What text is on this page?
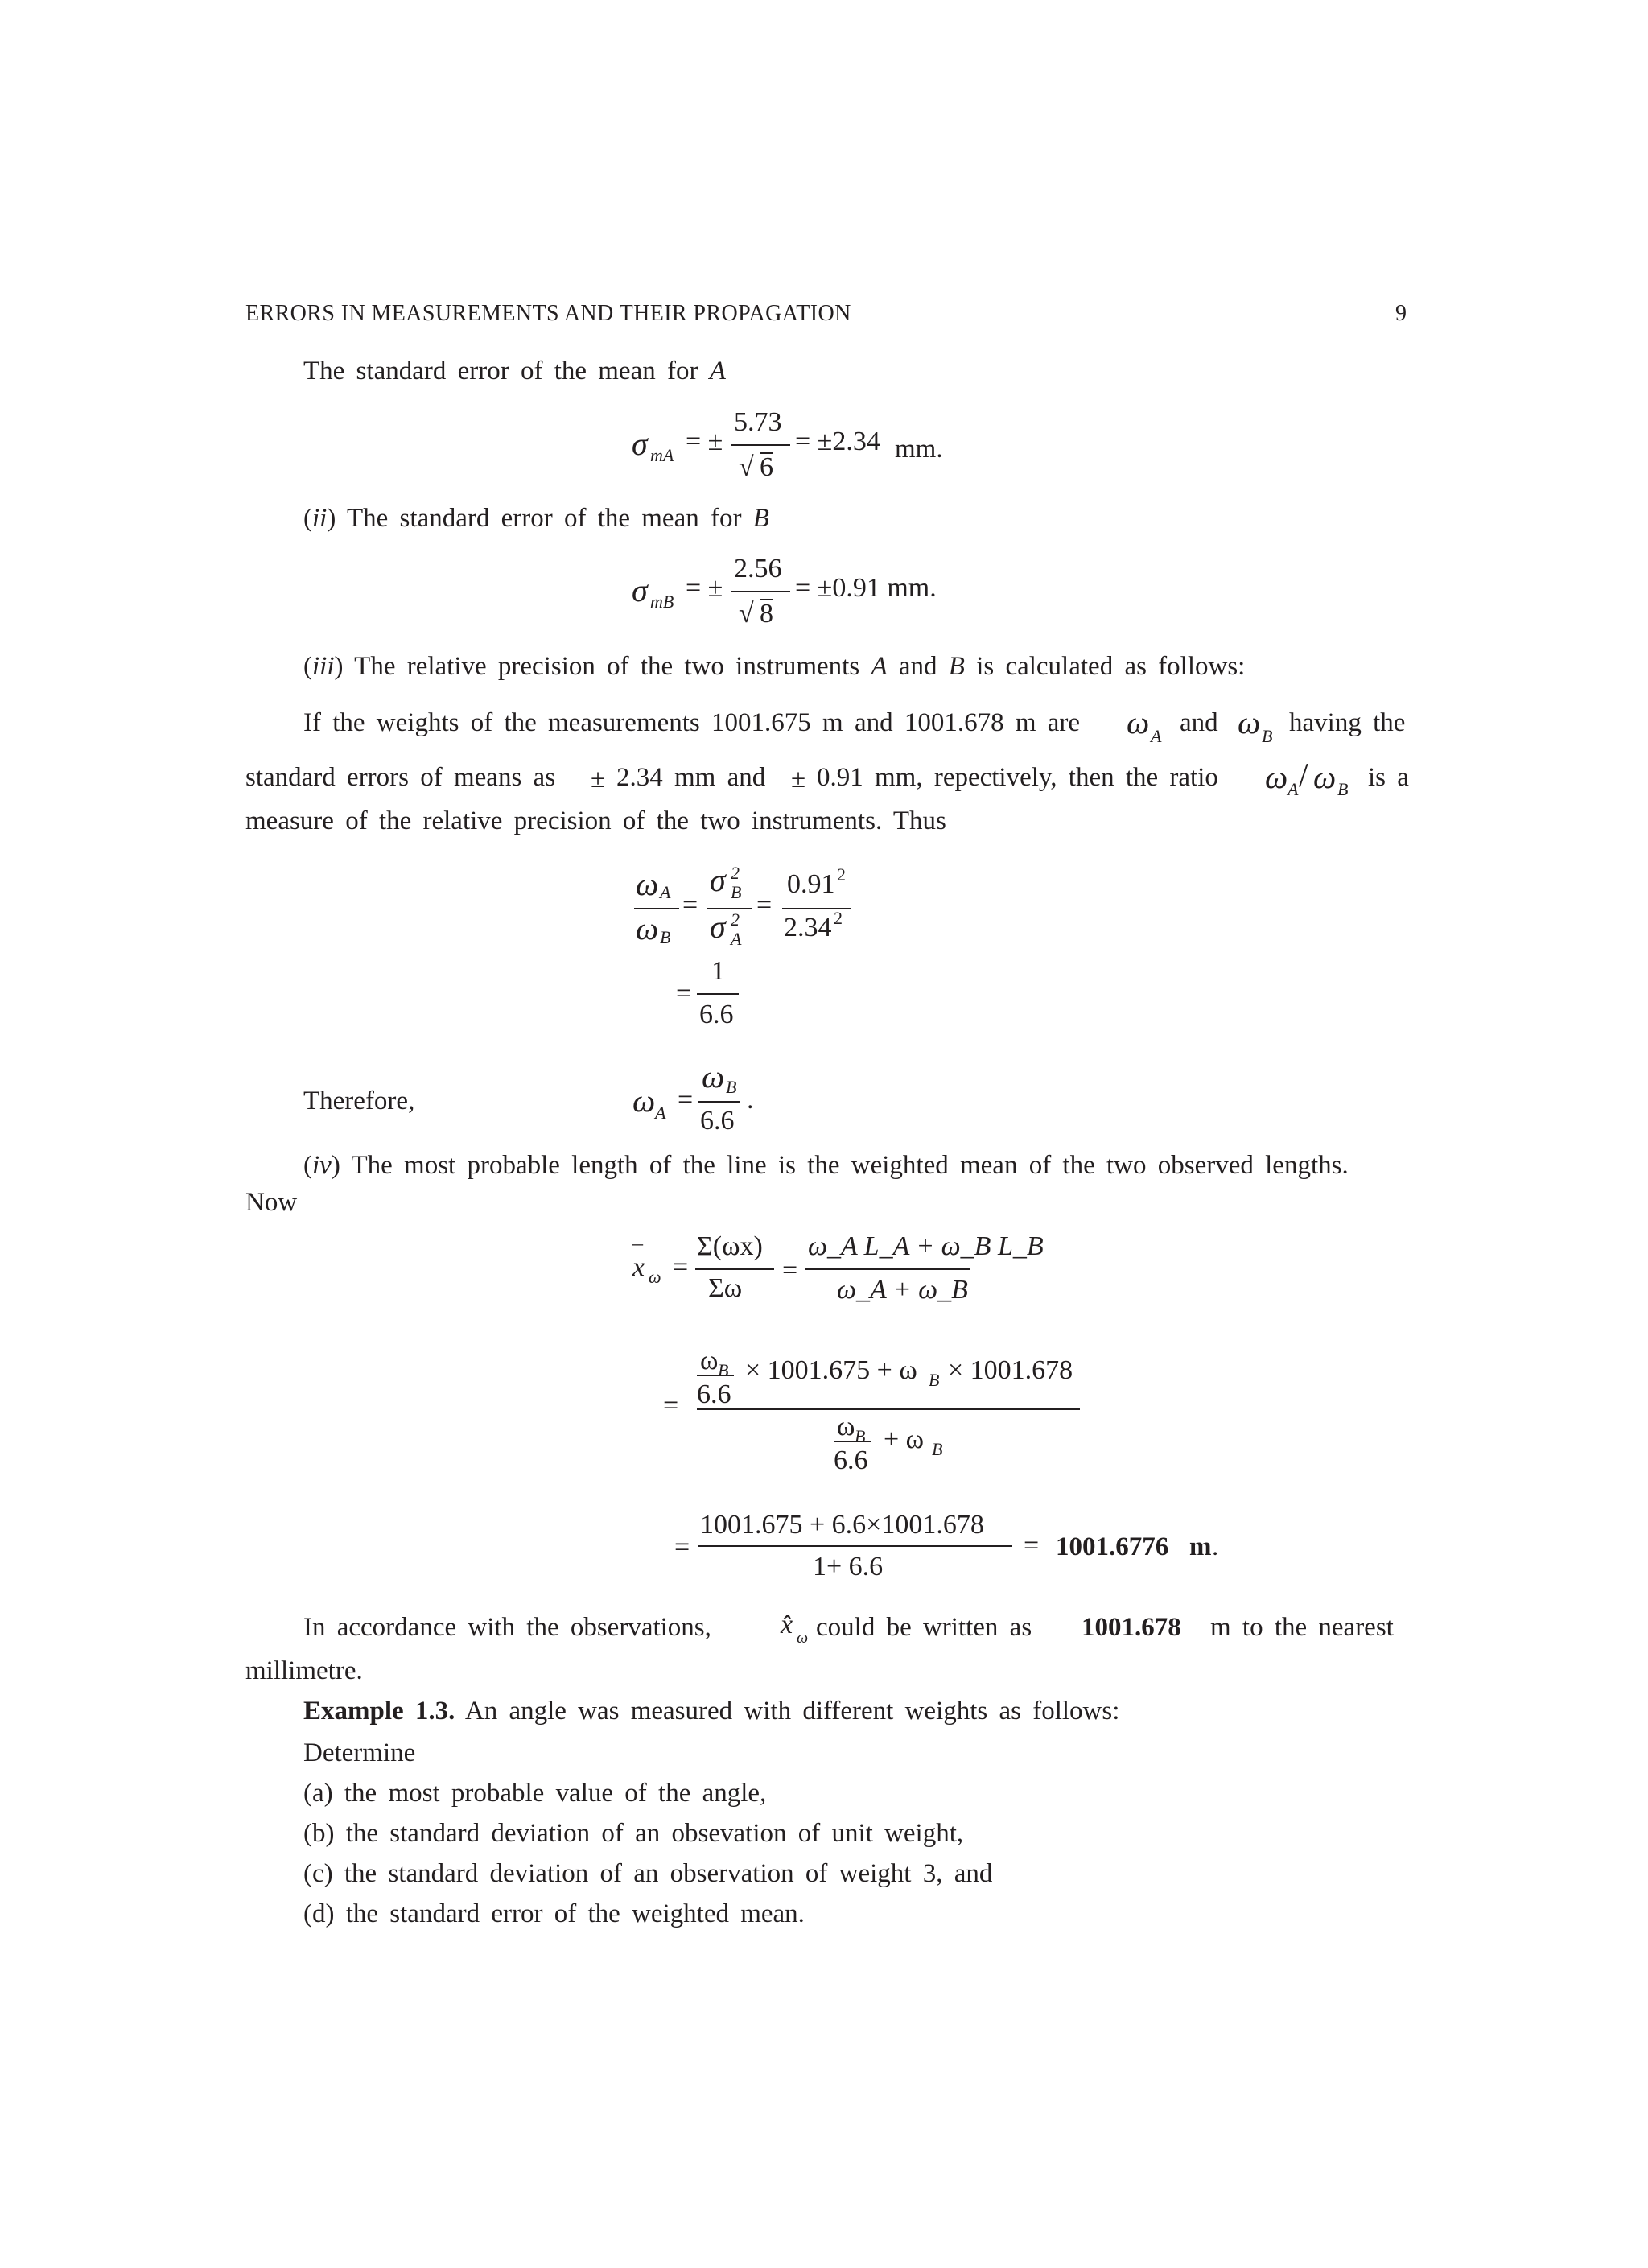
ERRORS IN MEASUREMENTS AND THEIR PROPAGATION	9
The standard error of the mean for A
σ mA = ±
5.73
√ 6
= ±2.34 mm.
(ii) The standard error of the mean for B
σ mB = ±
2.56
√ 8
= ±0.91 mm.
(iii) The relative precision of the two instruments A and B is calculated as follows:
If the weights of the measurements 1001.675 m and 1001.678 m are ω A and ω B having the
standard errors of means as ± 2.34 mm and ± 0.91 mm, repectively, then the ratio ω A / ω B is a
measure of the relative precision of the two instruments. Thus
ω A
ω B
=
σ 2
B
σ 2
A
=
0.91 2
2.34 2
=
1
6.6
Therefore,	ω A =
ω B
6.6
.
(iv) The most probable length of the line is the weighted mean of the two observed lengths.
Now
–
x ω =
Σ(ωx)
Σω
=
ω_A L_A + ω_B L_B
ω_A + ω_B
=
ω B
6.6
× 1001.675 + ω B × 1001.678
ω B
6.6
+ ω B
=
1001.675 + 6.6×1001.678
1+ 6.6
= 1001.6776 m .
In accordance with the observations,	x̂ ω could be written as 1001.678 m to the nearest
millimetre.
Example 1.3. An angle was measured with different weights as follows:
Determine
(a) the most probable value of the angle,
(b) the standard deviation of an obsevation of unit weight,
(c) the standard deviation of an observation of weight 3, and
(d) the standard error of the weighted mean.
